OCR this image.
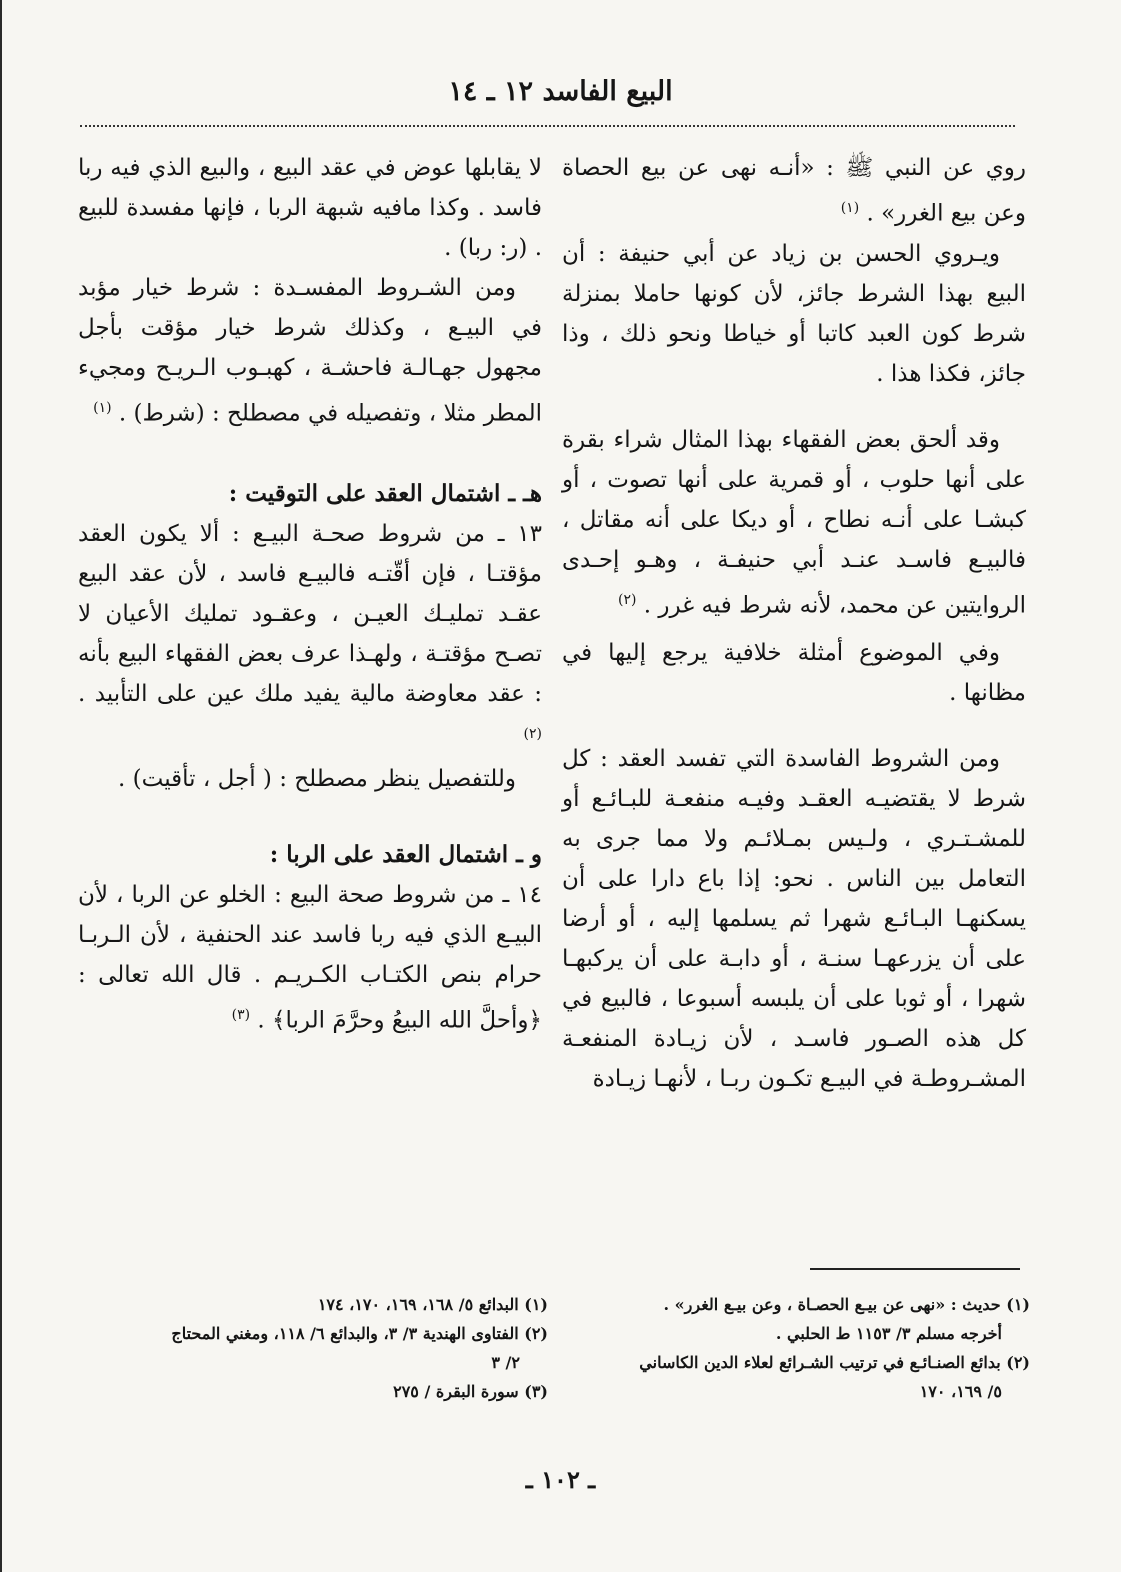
البيع الفاسد ١٢ ـ ١٤

روي عن النبي ﷺ : «أنـه نهى عن بيع الحصاة وعن بيع الغرر» . $^{(١)}$

ويـروي الحسن بن زياد عن أبي حنيفة : أن البيع بهذا الشرط جائز، لأن كونها حاملا بمنزلة شرط كون العبد كاتبا أو خياطا ونحو ذلك ، وذا جائز، فكذا هذا .

وقد ألحق بعض الفقهاء بهذا المثال شراء بقرة على أنها حلوب ، أو قمرية على أنها تصوت ، أو كبشـا على أنـه نطاح ، أو ديكا على أنه مقاتل ، فالبيـع فاسـد عنـد أبي حنيفـة ، وهـو إحـدى الروايتين عن محمد، لأنه شرط فيه غرر . $^{(٢)}$

وفي الموضوع أمثلة خلافية يرجع إليها في مظانها .

ومن الشروط الفاسدة التي تفسد العقد : كل شرط لا يقتضيـه العقـد وفيـه منفعـة للبـائـع أو للمشـتـري ، ولـيس بمـلائـم ولا مما جرى به التعامل بين الناس . نحو: إذا باع دارا على أن يسكنهـا البـائـع شهرا ثم يسلمها إليه ، أو أرضا على أن يزرعهـا سنـة ، أو دابـة على أن يركبهـا شهرا ، أو ثوبا على أن يلبسه أسبوعا ، فالبيع في كل هذه الصـور فاسـد ، لأن زيـادة المنفعـة المشـروطـة في البيـع تكـون ربـا ، لأنهـا زيـادة

لا يقابلها عوض في عقد البيع ، والبيع الذي فيه ربا فاسد . وكذا مافيه شبهة الربا ، فإنها مفسدة للبيع . (ر: ربا) .

ومن الشـروط المفسـدة : شرط خيار مؤبد في البيـع ، وكذلك شرط خيار مؤقت بأجل مجهول جهـالـة فاحشـة ، كهبـوب الـريـح ومجيء المطر مثلا ، وتفصيله في مصطلح : (شرط) . $^{(١)}$

هـ ـ اشتمال العقد على التوقيت :

١٣ ـ من شروط صحـة البيـع : ألا يكون العقد مؤقتـا ، فإن أقّتـه فالبيـع فاسد ، لأن عقد البيع عقـد تمليـك العيـن ، وعقـود تمليك الأعيان لا تصـح مؤقتـة ، ولهـذا عرف بعض الفقهاء البيع بأنه : عقد معاوضة مالية يفيد ملك عين على التأبيد . $^{(٢)}$

وللتفصيل ينظر مصطلح : ( أجل ، تأقيت) .

و ـ اشتمال العقد على الربا :

١٤ ـ من شروط صحة البيع : الخلو عن الربا ، لأن البيـع الذي فيه ربا فاسد عند الحنفية ، لأن الـربـا حرام بنص الكتـاب الكـريـم . قال الله تعالى : ﴿وأحلَّ الله البيعُ وحرَّمَ الربا﴾ . $^{(٣)}$

(١) حديث : «نهى عن بيـع الحصـاة ، وعن بيـع الغرر» .
أخرجه مسلم ٣/ ١١٥٣ ط الحلبي .
(٢) بدائع الصنـائـع في ترتيب الشـرائع لعلاء الدين الكاساني
٥/ ١٦٩، ١٧٠
(١) البدائع ٥/ ١٦٨، ١٦٩، ١٧٠، ١٧٤
(٢) الفتاوى الهندية ٣/ ٣، والبدائع ٦/ ١١٨، ومغني المحتاج
٢/ ٣
(٣) سورة البقرة / ٢٧٥
ـ ١٠٢ ـ
